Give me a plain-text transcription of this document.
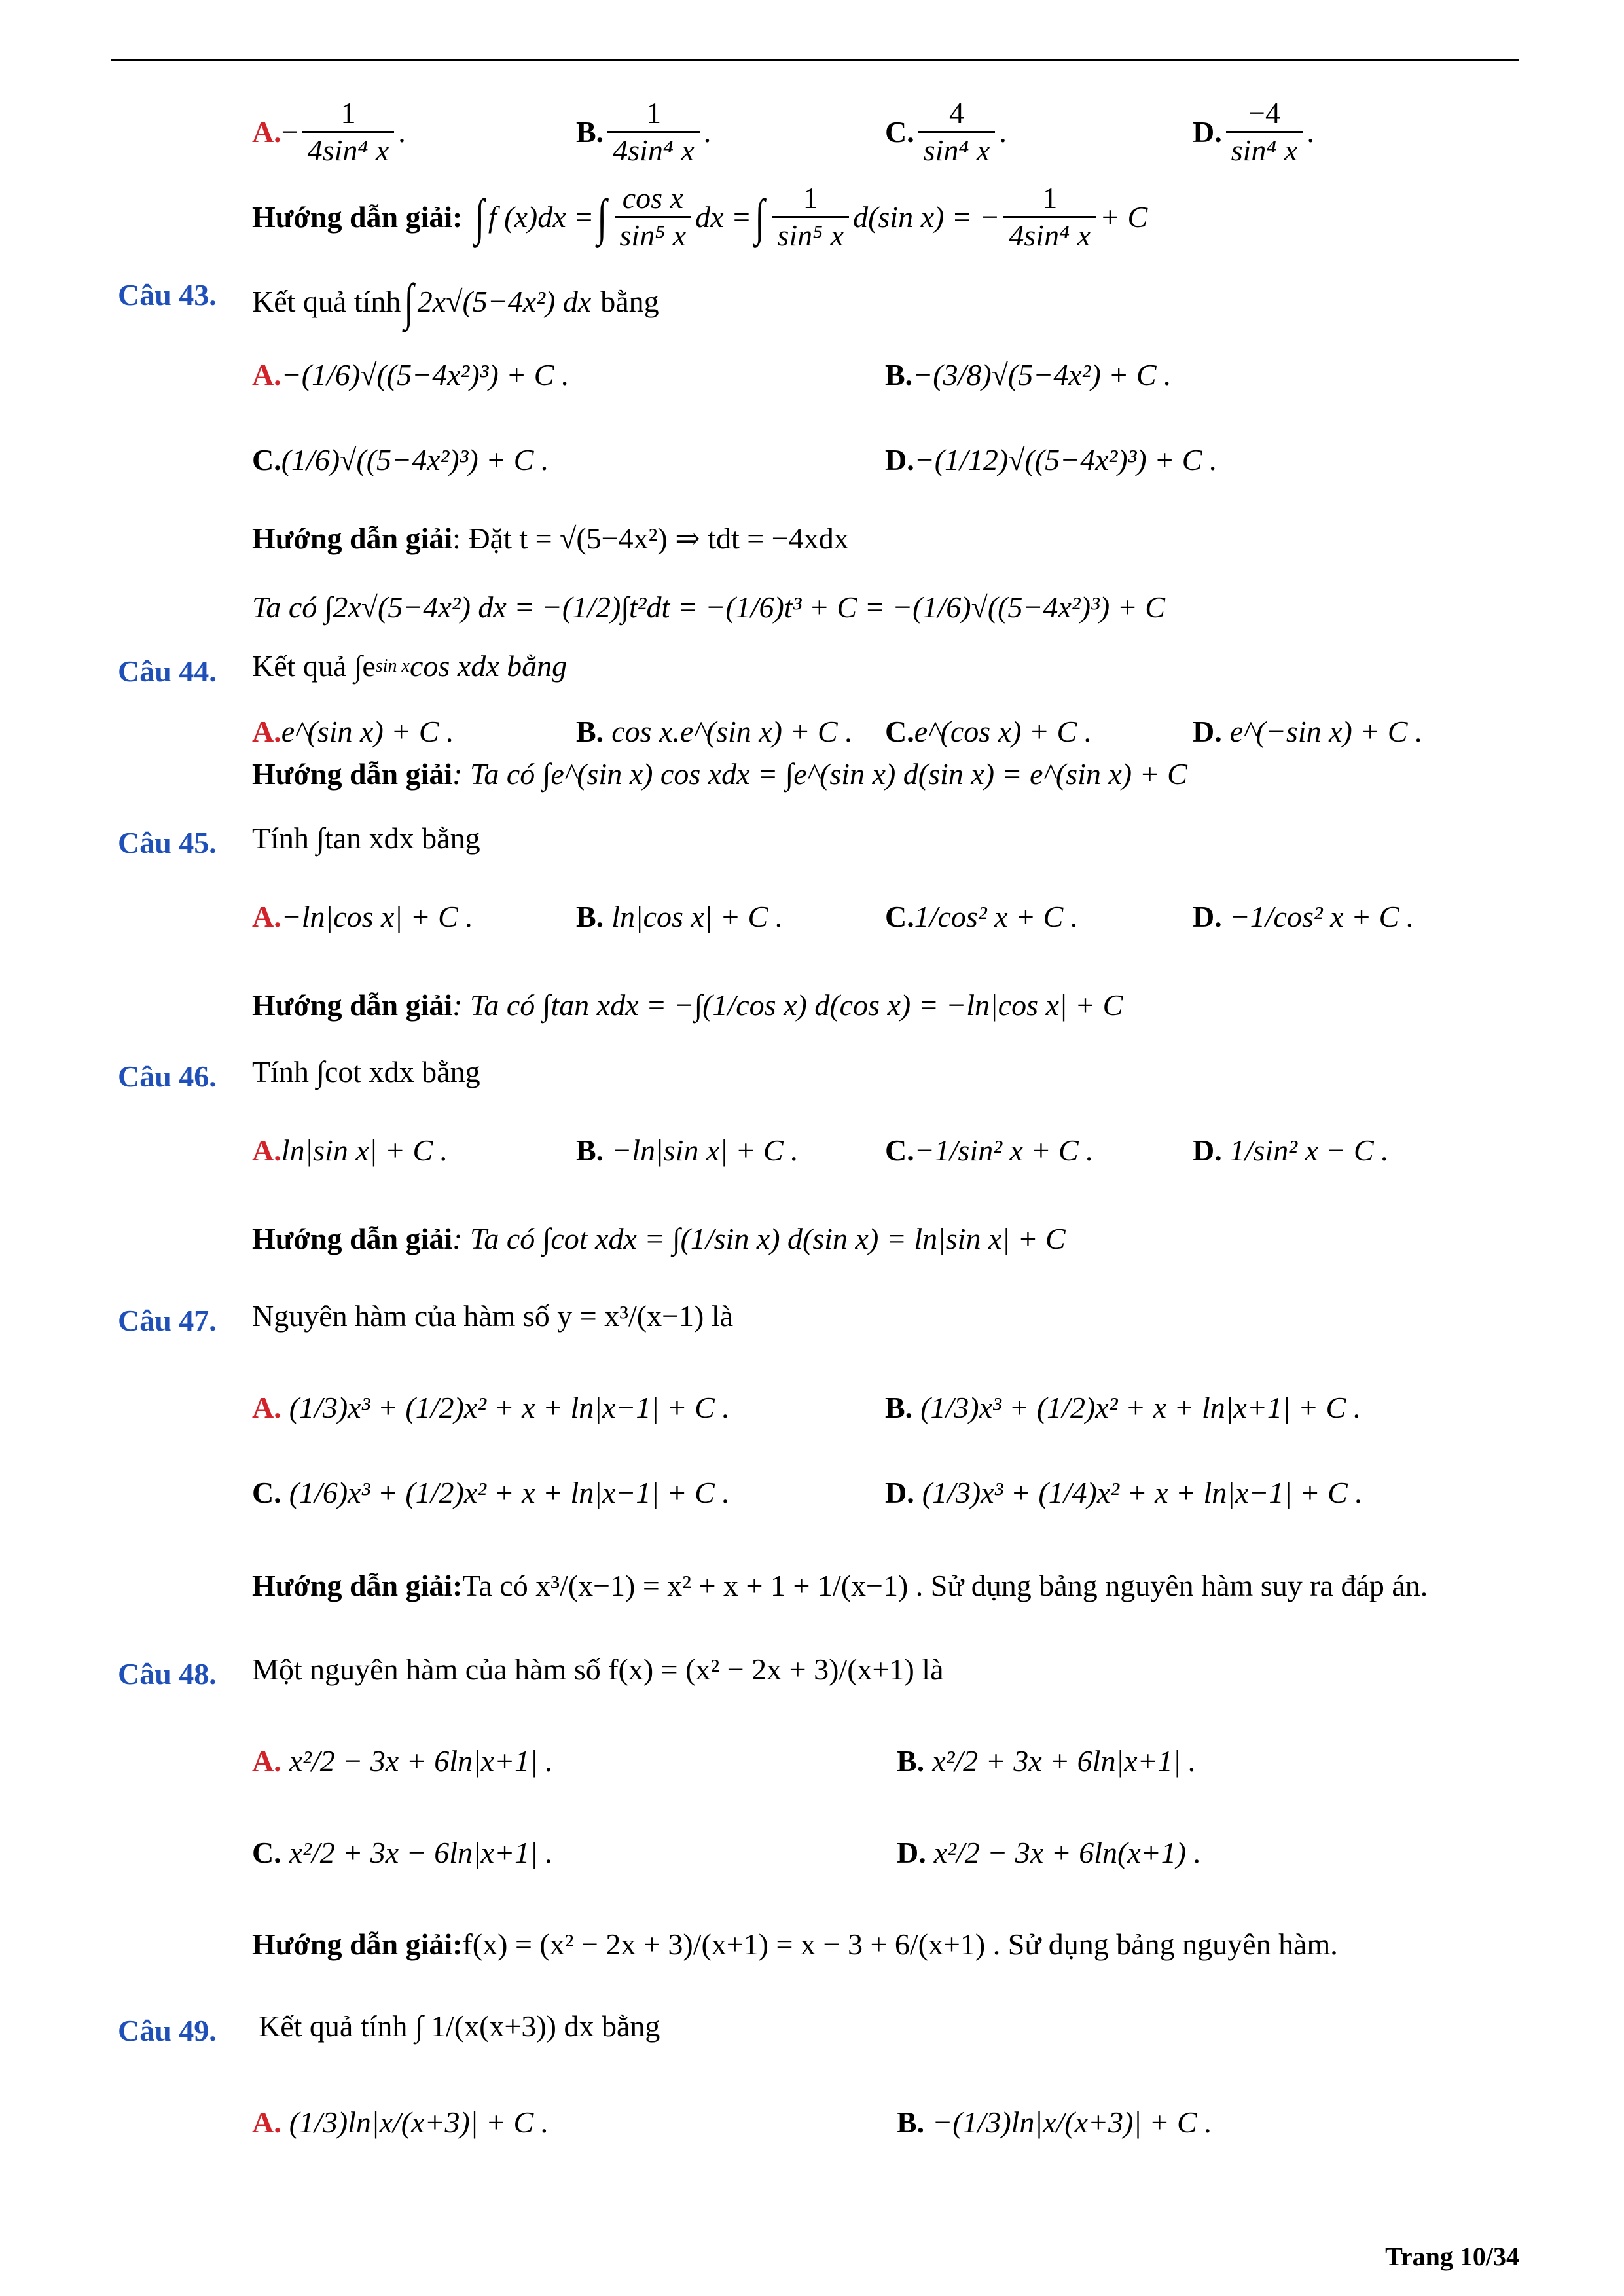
A. − $\frac{1}{\text{4sin⁴ x}}$ .	B. $\frac{1}{\text{4sin⁴ x}}$ .	C. $\frac{4}{\text{sin⁴ x}}$ .	D. $\frac{-4}{\text{sin⁴ x}}$ .
Hướng dẫn giải: ∫ f (x)dx = ∫ $\frac{\text{cos x}}{\text{sin⁵ x}}$ dx = ∫ $\frac{1}{\text{sin⁵ x}} d(\sin$ x) = − $\frac{1}{\text{4sin⁴ x}} + C$
Câu 43. Kết quả tính ∫ 2x√(5−4x²) dx bằng
A. −(1/6)√((5−4x²)³) + C .	B. −(3/8)√(5−4x²) + C .
C. (1/6)√((5−4x²)³) + C .	D. −(1/12)√((5−4x²)³) + C .
Hướng dẫn giải : Đặt t = √(5−4x²) ⇒ tdt = −4xdx
Ta có ∫2x√(5−4x²) dx = −(1/2)∫t²dt = −(1/6)t³ + C = −(1/6)√((5−4x²)³) + C
Câu 44. Kết quả ∫e sin x cos xdx bằng
A. e^(sin x) + C .	B. cos x.e^(sin x) + C . C. e^(cos x) + C .	D. e^(−sin x) + C .
Hướng dẫn giải : Ta có ∫e^(sin x) cos xdx = ∫e^(sin x) d(sin x) = e^(sin x) + C
Câu 45. Tính ∫tan xdx bằng
A. −ln|cos x| + C .	B. ln|cos x| + C .	C. 1/cos² x + C .	D. −1/cos² x + C .
Hướng dẫn giải : Ta có ∫tan xdx = −∫(1/cos x) d(cos x) = −ln|cos x| + C
Câu 46. Tính ∫cot xdx bằng
A. ln|sin x| + C .	B. −ln|sin x| + C .	C. −1/sin² x + C .	D. 1/sin² x − C .
Hướng dẫn giải : Ta có ∫cot xdx = ∫(1/sin x) d(sin x) = ln|sin x| + C
Câu 47. Nguyên hàm của hàm số y = x³/(x−1) là
A. (1/3)x³ + (1/2)x² + x + ln|x−1| + C .	B. (1/3)x³ + (1/2)x² + x + ln|x+1| + C .
C. (1/6)x³ + (1/2)x² + x + ln|x−1| + C .	D. (1/3)x³ + (1/4)x² + x + ln|x−1| + C .
Hướng dẫn giải: Ta có x³/(x−1) = x² + x + 1 + 1/(x−1) . Sử dụng bảng nguyên hàm suy ra đáp án.
Câu 48. Một nguyên hàm của hàm số f(x) = (x² − 2x + 3)/(x+1) là
A. x²/2 − 3x + 6ln|x+1| .	B. x²/2 + 3x + 6ln|x+1| .
C. x²/2 + 3x − 6ln|x+1| .	D. x²/2 − 3x + 6ln(x+1) .
Hướng dẫn giải: f(x) = (x² − 2x + 3)/(x+1) = x − 3 + 6/(x+1) . Sử dụng bảng nguyên hàm.
Câu 49. Kết quả tính ∫ 1/(x(x+3)) dx bằng
A. (1/3)ln|x/(x+3)| + C .	B. −(1/3)ln|x/(x+3)| + C .
Trang 10/34
